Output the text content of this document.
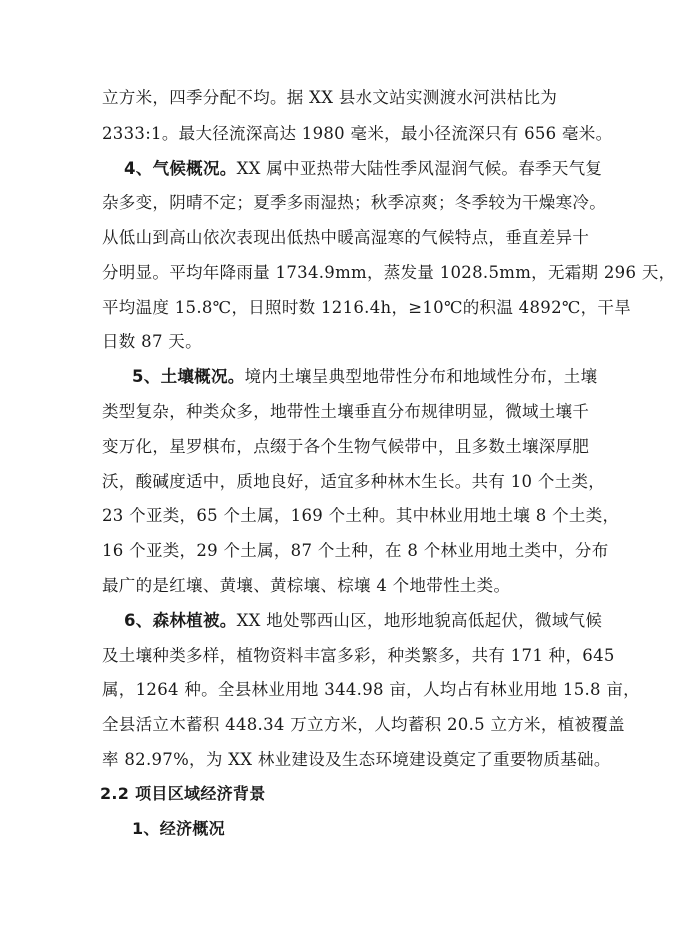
立方米，四季分配不均。据 XX 县水文站实测渡水河洪枯比为
2333:1。最大径流深高达 1980 毫米，最小径流深只有 656 毫米。
4、气候概况。XX 属中亚热带大陆性季风湿润气候。春季天气复
杂多变，阴晴不定；夏季多雨湿热；秋季凉爽；冬季较为干燥寒冷。
从低山到高山依次表现出低热中暖高湿寒的气候特点，垂直差异十
分明显。平均年降雨量 1734.9mm，蒸发量 1028.5mm，无霜期 296 天，
平均温度 15.8℃，日照时数 1216.4h，≥10℃的积温 4892℃，干旱
日数 87 天。
5、土壤概况。境内土壤呈典型地带性分布和地域性分布，土壤
类型复杂，种类众多，地带性土壤垂直分布规律明显，微域土壤千
变万化，星罗棋布，点缀于各个生物气候带中，且多数土壤深厚肥
沃，酸碱度适中，质地良好，适宜多种林木生长。共有 10 个土类，
23 个亚类，65 个土属，169 个土种。其中林业用地土壤 8 个土类，
16 个亚类，29 个土属，87 个土种，在 8 个林业用地土类中，分布
最广的是红壤、黄壤、黄棕壤、棕壤 4 个地带性土类。
6、森林植被。XX 地处鄂西山区，地形地貌高低起伏，微域气候
及土壤种类多样，植物资料丰富多彩，种类繁多，共有 171 种，645
属，1264 种。全县林业用地 344.98 亩，人均占有林业用地 15.8 亩，
全县活立木蓄积 448.34 万立方米，人均蓄积 20.5 立方米，植被覆盖
率 82.97%，为 XX 林业建设及生态环境建设奠定了重要物质基础。
2.2 项目区域经济背景
1、经济概况
